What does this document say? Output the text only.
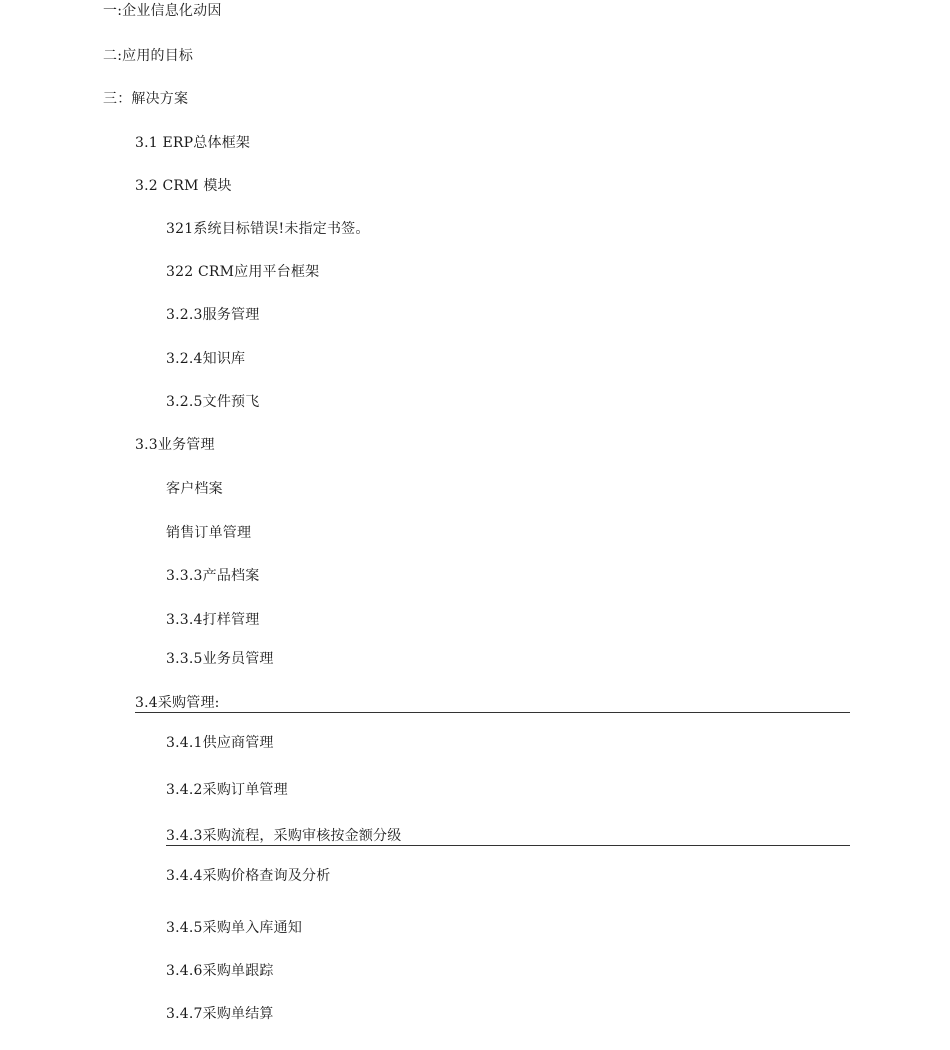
一:企业信息化动因
二:应用的目标
三：解决方案
3.1 ERP总体框架
3.2 CRM 模块
321系统目标错误!未指定书签。
322 CRM应用平台框架
3.2.3服务管理
3.2.4知识库
3.2.5文件预飞
3.3业务管理
客户档案
销售订单管理
3.3.3产品档案
3.3.4打样管理
3.3.5业务员管理
3.4采购管理:
3.4.1供应商管理
3.4.2采购订单管理
3.4.3采购流程，采购审核按金额分级
3.4.4采购价格查询及分析
3.4.5采购单入库通知
3.4.6采购单跟踪
3.4.7采购单结算
